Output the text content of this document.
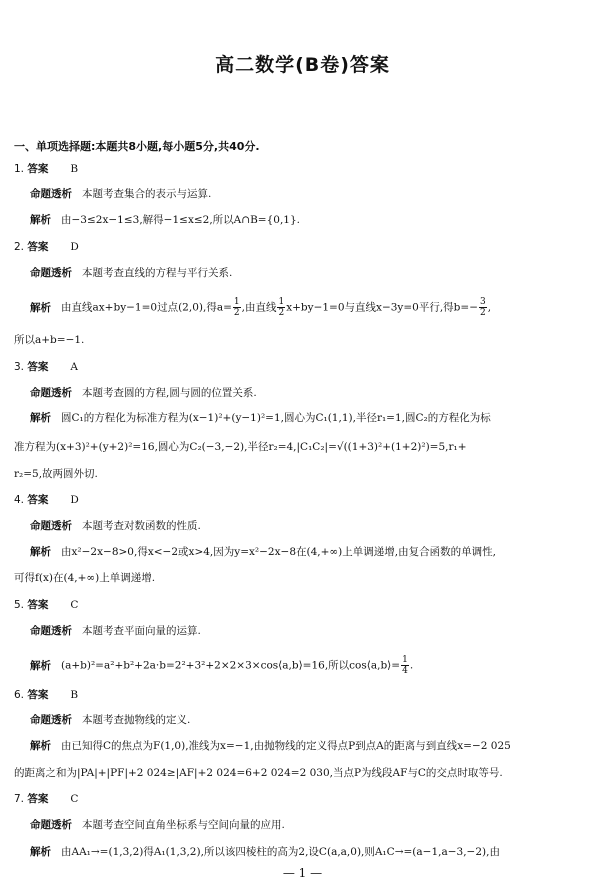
高二数学(B卷)答案
一、单项选择题:本题共8小题,每小题5分,共40分.
1. 答案 B
命题透析 本题考查集合的表示与运算.
解析 由−3≤2x−1≤3,解得−1≤x≤2,所以A∩B={0,1}.
2. 答案 D
命题透析 本题考查直线的方程与平行关系.
解析 由直线ax+by−1=0过点(2,0),得$a= \frac{1}{2}$ ,由直线 $\frac{1}{2} x+by-1=0$与直线x−3y=0平行,得$b=- \frac{3}{2}$ ,
所以a+b=−1.
3. 答案 A
命题透析 本题考查圆的方程,圆与圆的位置关系.
解析 圆C₁的方程化为标准方程为(x−1)²+(y−1)²=1,圆心为C₁(1,1),半径r₁=1,圆C₂的方程化为标
准方程为(x+3)²+(y+2)²=16,圆心为C₂(−3,−2),半径r₂=4,|C₁C₂|=√((1+3)²+(1+2)²)=5,r₁+
r₂=5,故两圆外切.
4. 答案 D
命题透析 本题考查对数函数的性质.
解析 由x²−2x−8>0,得x<−2或x>4,因为y=x²−2x−8在(4,+∞)上单调递增,由复合函数的单调性,
可得f(x)在(4,+∞)上单调递增.
5. 答案 C
命题透析 本题考查平面向量的运算.
解析 (a+b)²=a²+b²+2a·b=2²+3²+2×2×3×cos⟨a,b⟩=16,所以cos⟨a,b⟩= $\frac{1}{4}$ .
6. 答案 B
命题透析 本题考查抛物线的定义.
解析 由已知得C的焦点为F(1,0),准线为x=−1,由抛物线的定义得点P到点A的距离与到直线x=−2 025
的距离之和为|PA|+|PF|+2 024≥|AF|+2 024=6+2 024=2 030,当点P为线段AF与C的交点时取等号.
7. 答案 C
命题透析 本题考查空间直角坐标系与空间向量的应用.
解析 由AA₁→=(1,3,2)得A₁(1,3,2),所以该四棱柱的高为2,设C(a,a,0),则A₁C→=(a−1,a−3,−2),由
— 1 —
